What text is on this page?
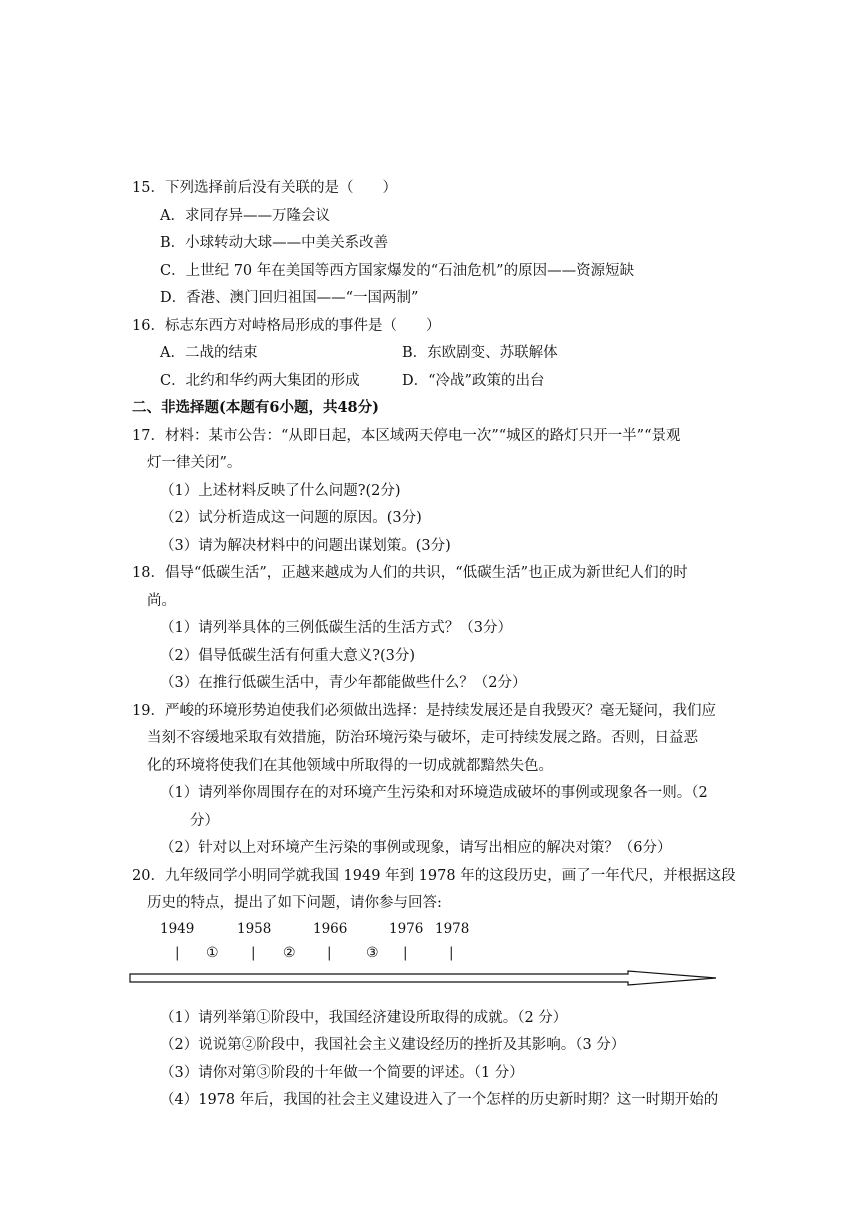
15．下列选择前后没有关联的是（　　）
A．求同存异——万隆会议
B．小球转动大球——中美关系改善
C．上世纪 70 年在美国等西方国家爆发的“石油危机”的原因——资源短缺
D．香港、澳门回归祖国——“一国两制”
16．标志东西方对峙格局形成的事件是（　　）
A．二战的结束	B．东欧剧变、苏联解体
C．北约和华约两大集团的形成	D．“冷战”政策的出台
二、非选择题(本题有6小题，共48分)
17．材料：某市公告：“从即日起，本区域两天停电一次”“城区的路灯只开一半”“景观
灯一律关闭”。
（1）上述材料反映了什么问题?(2分)
（2）试分析造成这一问题的原因。(3分)
（3）请为解决材料中的问题出谋划策。(3分)
18．倡导“低碳生活”，正越来越成为人们的共识，“低碳生活”也正成为新世纪人们的时
尚。
（1）请列举具体的三例低碳生活的生活方式？（3分）
（2）倡导低碳生活有何重大意义?(3分)
（3）在推行低碳生活中，青少年都能做些什么？（2分）
19．严峻的环境形势迫使我们必须做出选择：是持续发展还是自我毁灭？毫无疑问，我们应
当刻不容缓地采取有效措施，防治环境污染与破坏，走可持续发展之路。否则，日益恶
化的环境将使我们在其他领域中所取得的一切成就都黯然失色。
（1）请列举你周围存在的对环境产生污染和对环境造成破坏的事例或现象各一则。（2
分）
（2）针对以上对环境产生污染的事例或现象，请写出相应的解决对策？（6分）
20．九年级同学小明同学就我国 1949 年到 1978 年的这段历史，画了一年代尺，并根据这段
历史的特点，提出了如下问题，请你参与回答:
1949	1958	1966	1976 1978
| ① | ② | ③ |	|
（1）请列举第①阶段中，我国经济建设所取得的成就。（2 分）
（2）说说第②阶段中，我国社会主义建设经历的挫折及其影响。（3 分）
（3）请你对第③阶段的十年做一个简要的评述。（1 分）
（4）1978 年后，我国的社会主义建设进入了一个怎样的历史新时期？这一时期开始的
